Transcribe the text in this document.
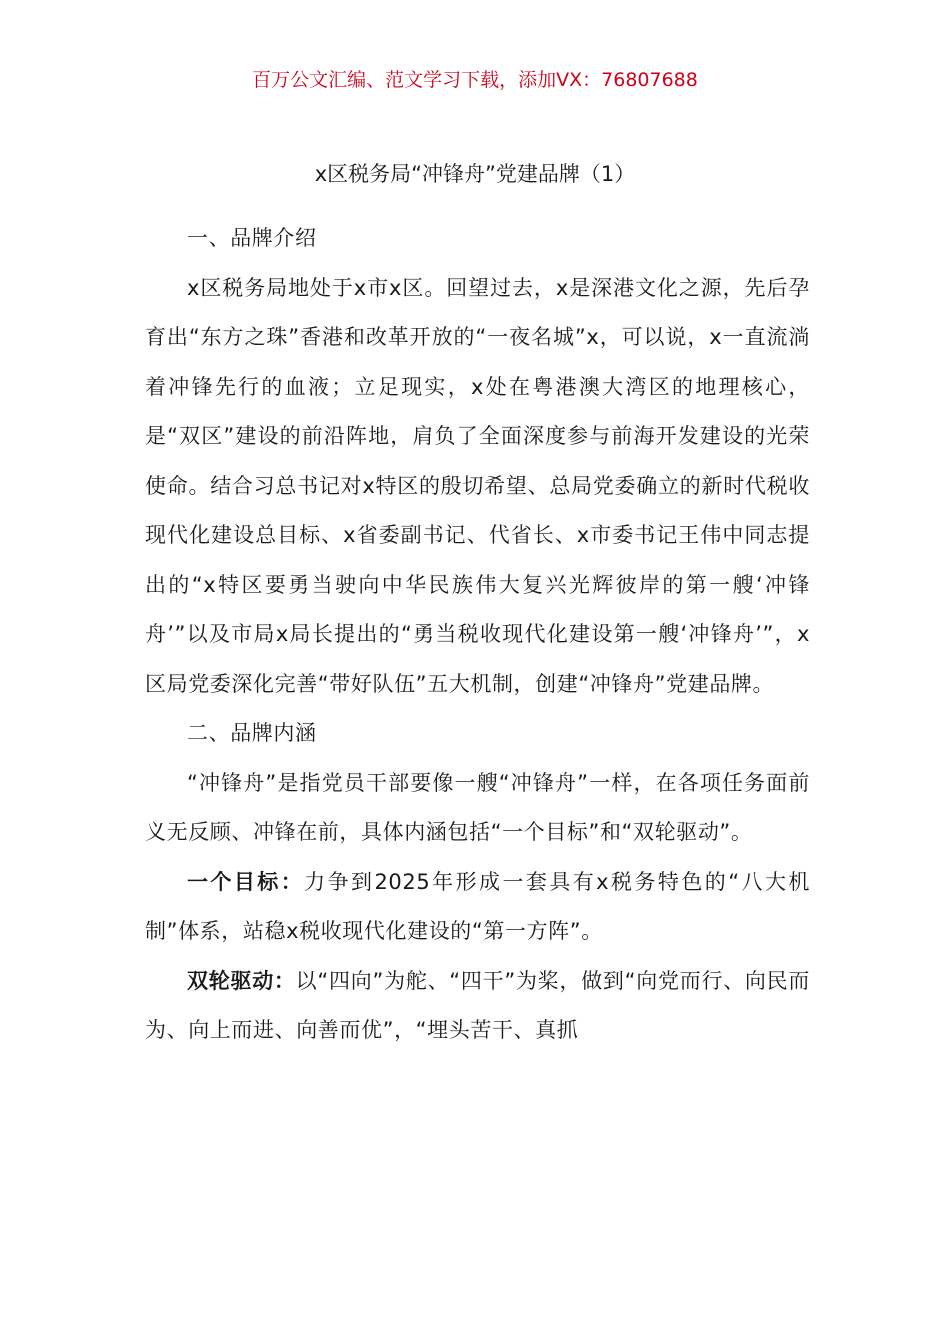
百万公文汇编、范文学习下载，添加VX：76807688
x区税务局“冲锋舟”党建品牌（1）

一、品牌介绍

x区税务局地处于x市x区。回望过去，x是深港文化之源，先后孕育出“东方之珠”香港和改革开放的“一夜名城”x，可以说，x一直流淌着冲锋先行的血液；立足现实，x处在粤港澳大湾区的地理核心，是“双区”建设的前沿阵地，肩负了全面深度参与前海开发建设的光荣使命。结合习总书记对x特区的殷切希望、总局党委确立的新时代税收现代化建设总目标、x省委副书记、代省长、x市委书记王伟中同志提出的“x特区要勇当驶向中华民族伟大复兴光辉彼岸的第一艘‘冲锋舟’”以及市局x局长提出的“勇当税收现代化建设第一艘‘冲锋舟’”，x区局党委深化完善“带好队伍”五大机制，创建“冲锋舟”党建品牌。

二、品牌内涵

“冲锋舟”是指党员干部要像一艘“冲锋舟”一样，在各项任务面前义无反顾、冲锋在前，具体内涵包括“一个目标”和“双轮驱动”。

一个目标：力争到2025年形成一套具有x税务特色的“八大机制”体系，站稳x税收现代化建设的“第一方阵”。

双轮驱动：以“四向”为舵、“四干”为桨，做到“向党而行、向民而为、向上而进、向善而优”，“埋头苦干、真抓
